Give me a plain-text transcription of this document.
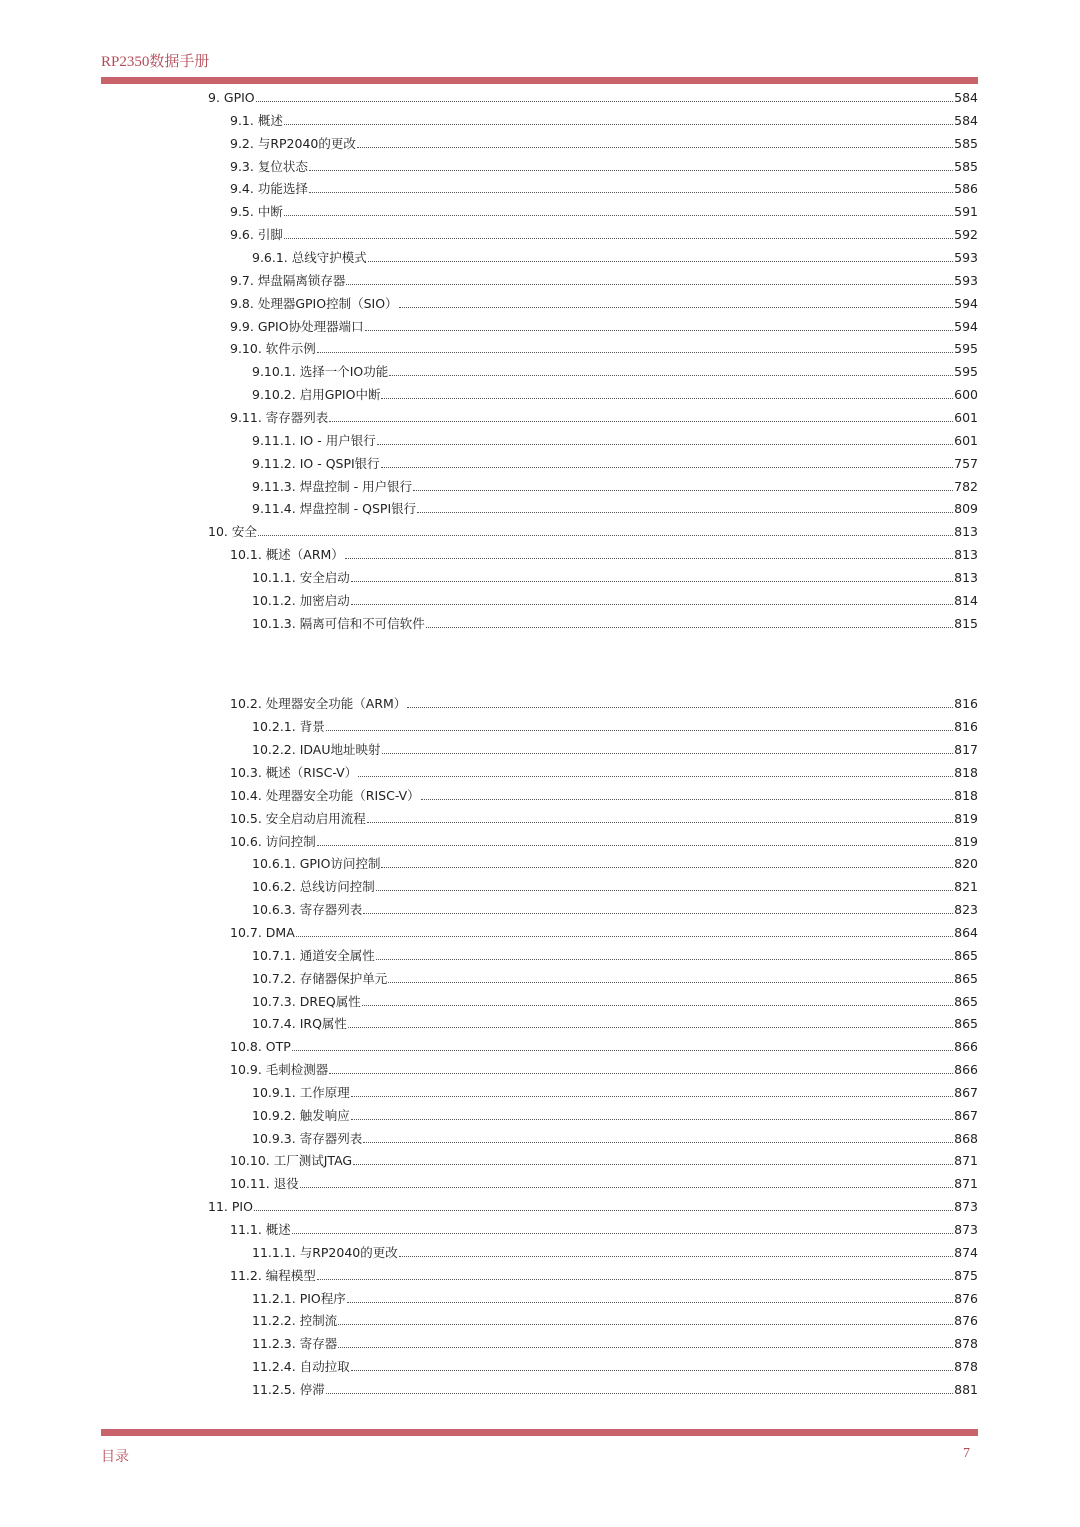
RP2350数据手册
9. GPIO	584
9.1. 概述	584
9.2. 与RP2040的更改	585
9.3. 复位状态	585
9.4. 功能选择	586
9.5. 中断	591
9.6. 引脚	592
9.6.1. 总线守护模式	593
9.7. 焊盘隔离锁存器	593
9.8. 处理器GPIO控制（SIO）	594
9.9. GPIO协处理器端口	594
9.10. 软件示例	595
9.10.1. 选择一个IO功能	595
9.10.2. 启用GPIO中断	600
9.11. 寄存器列表	601
9.11.1. IO - 用户银行	601
9.11.2. IO - QSPI银行	757
9.11.3. 焊盘控制 - 用户银行	782
9.11.4. 焊盘控制 - QSPI银行	809
10. 安全	813
10.1. 概述（ARM）	813
10.1.1. 安全启动	813
10.1.2. 加密启动	814
10.1.3. 隔离可信和不可信软件	815
10.2. 处理器安全功能（ARM）	816
10.2.1. 背景	816
10.2.2. IDAU地址映射	817
10.3. 概述（RISC-V）	818
10.4. 处理器安全功能（RISC-V）	818
10.5. 安全启动启用流程	819
10.6. 访问控制	819
10.6.1. GPIO访问控制	820
10.6.2. 总线访问控制	821
10.6.3. 寄存器列表	823
10.7. DMA	864
10.7.1. 通道安全属性	865
10.7.2. 存储器保护单元	865
10.7.3. DREQ属性	865
10.7.4. IRQ属性	865
10.8. OTP	866
10.9. 毛刺检测器	866
10.9.1. 工作原理	867
10.9.2. 触发响应	867
10.9.3. 寄存器列表	868
10.10. 工厂测试JTAG	871
10.11. 退役	871
11. PIO	873
11.1. 概述	873
11.1.1. 与RP2040的更改	874
11.2. 编程模型	875
11.2.1. PIO程序	876
11.2.2. 控制流	876
11.2.3. 寄存器	878
11.2.4. 自动拉取	878
11.2.5. 停滞	881
目录	7
